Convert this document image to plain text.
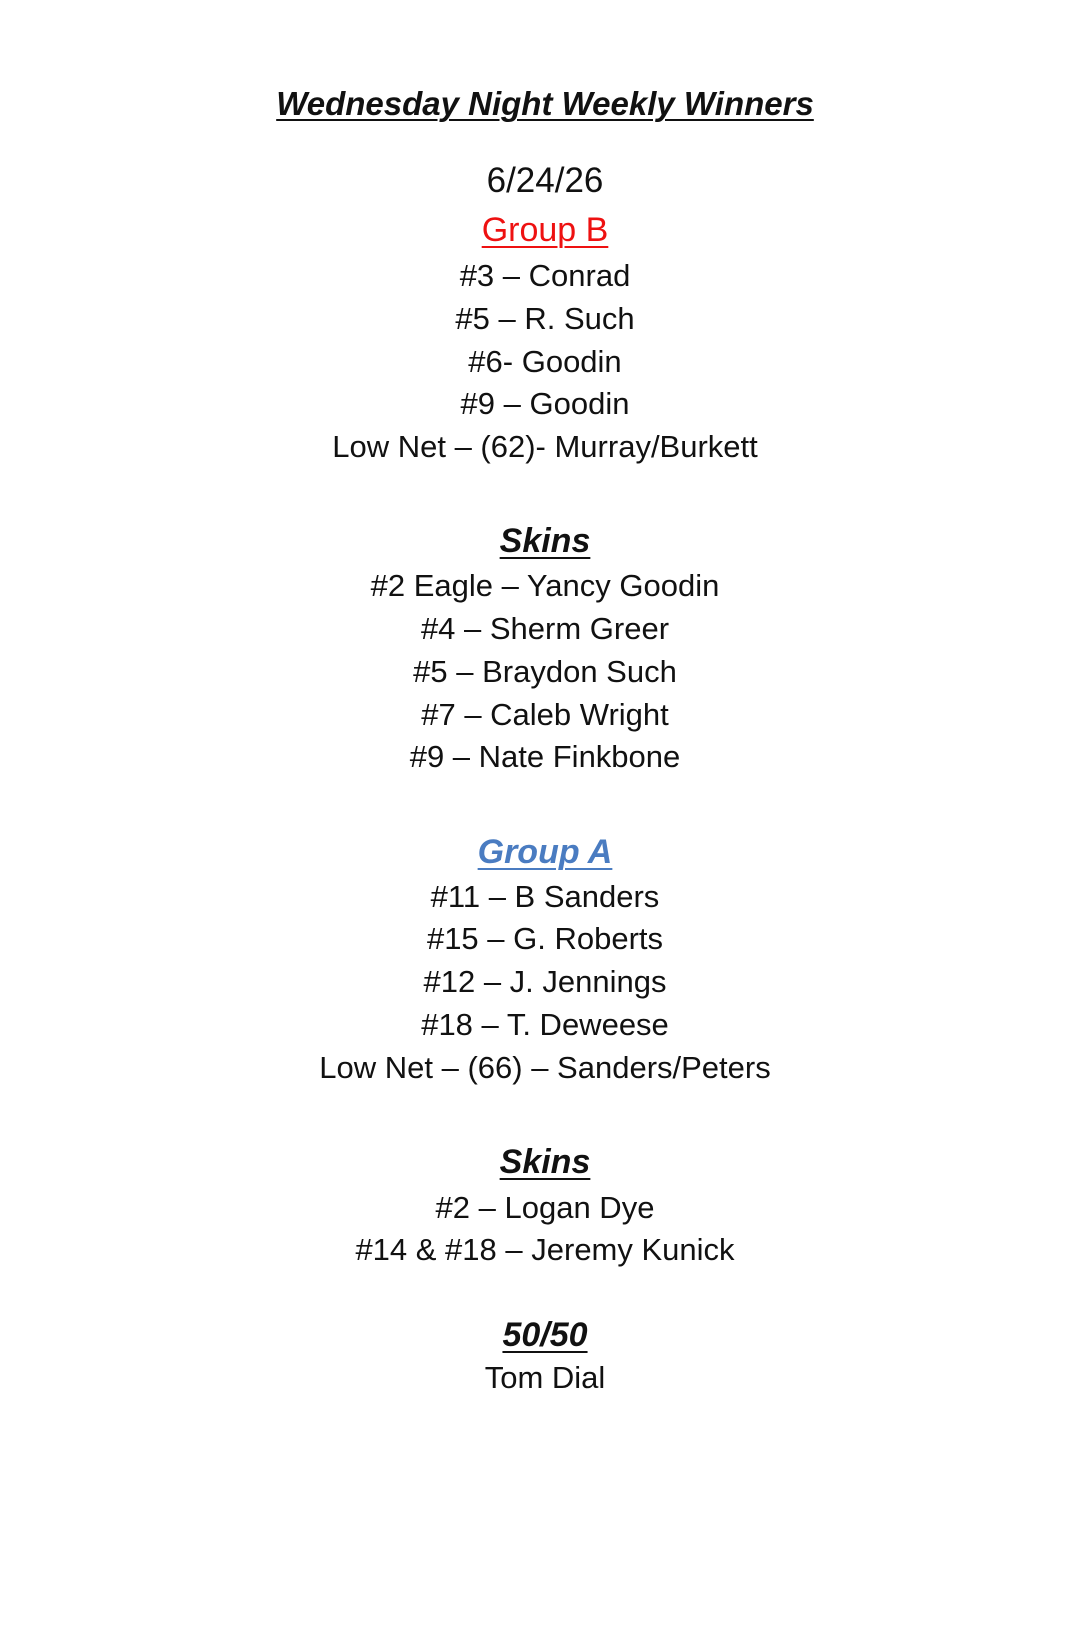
Wednesday Night Weekly Winners
6/24/26
Group B
#3 – Conrad
#5 – R. Such
#6- Goodin
#9 – Goodin
Low Net – (62)- Murray/Burkett
Skins
#2 Eagle – Yancy Goodin
#4 – Sherm Greer
#5 – Braydon Such
#7 – Caleb Wright
#9 – Nate Finkbone
Group A
#11 – B Sanders
#15 – G. Roberts
#12 – J. Jennings
#18 – T. Deweese
Low Net – (66) – Sanders/Peters
Skins
#2 – Logan Dye
#14 & #18 – Jeremy Kunick
50/50
Tom Dial
